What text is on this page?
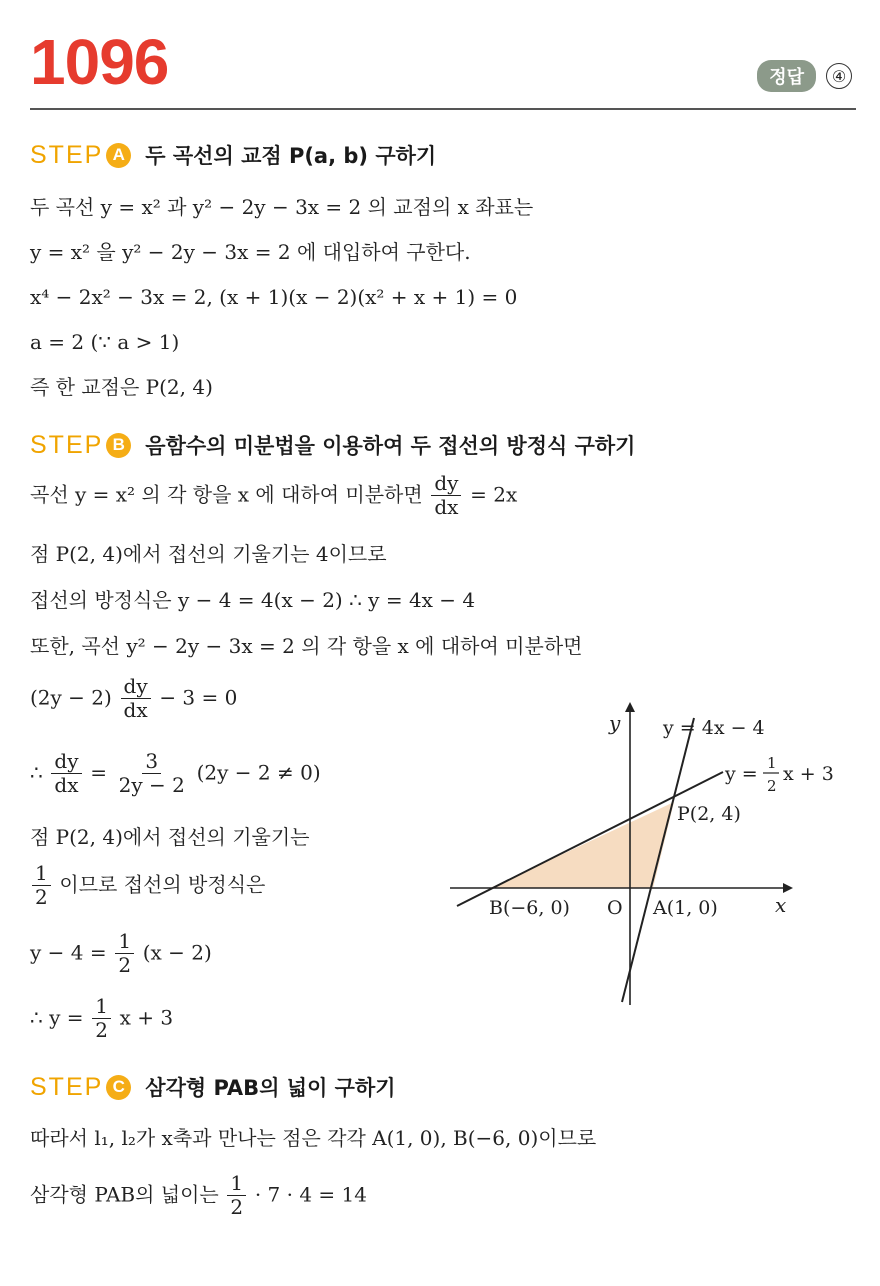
1096	정답	④
STEP A 두 곡선의 교점 P(a, b) 구하기
두 곡선 y = x² 과 y² − 2y − 3x = 2 의 교점의 x 좌표는
y = x² 을 y² − 2y − 3x = 2 에 대입하여 구한다.
x⁴ − 2x² − 3x = 2, (x + 1)(x − 2)(x² + x + 1) = 0
a = 2 (∵ a > 1)
즉 한 교점은 P(2, 4)
STEP B 음함수의 미분법을 이용하여 두 접선의 방정식 구하기
곡선 y = x² 의 각 항을 x 에 대하여 미분하면 $\frac{dy}{dx} = 2x$
점 P(2, 4)에서 접선의 기울기는 4이므로
접선의 방정식은 y − 4 = 4(x − 2) ∴ y = 4x − 4
또한, 곡선 y² − 2y − 3x = 2 의 각 항을 x 에 대하여 미분하면
$(2y - 2) \frac{dy}{dx} - 3 = 0$
∴ $\frac{dy}{dx} = \frac{3}{2y - 2} (2y - 2 \ne 0)$
점 P(2, 4)에서 접선의 기울기는
$\frac{1}{2}$ 이므로 접선의 방정식은
$y - 4 = \frac{1}{2} (x - 2)$
∴ $y = \frac{1}{2}$ x + 3
y
x
O
P(2, 4)
A(1, 0)
B(−6, 0)
y = 4x − 4
y = 1
2
x + 3
STEP C 삼각형 PAB의 넓이 구하기
따라서 l₁, l₂가 x축과 만나는 점은 각각 A(1, 0), B(−6, 0)이므로
삼각형 PAB의 넓이는 $\frac{1}{2} \cdot 7 \cdot 4 = 14$
